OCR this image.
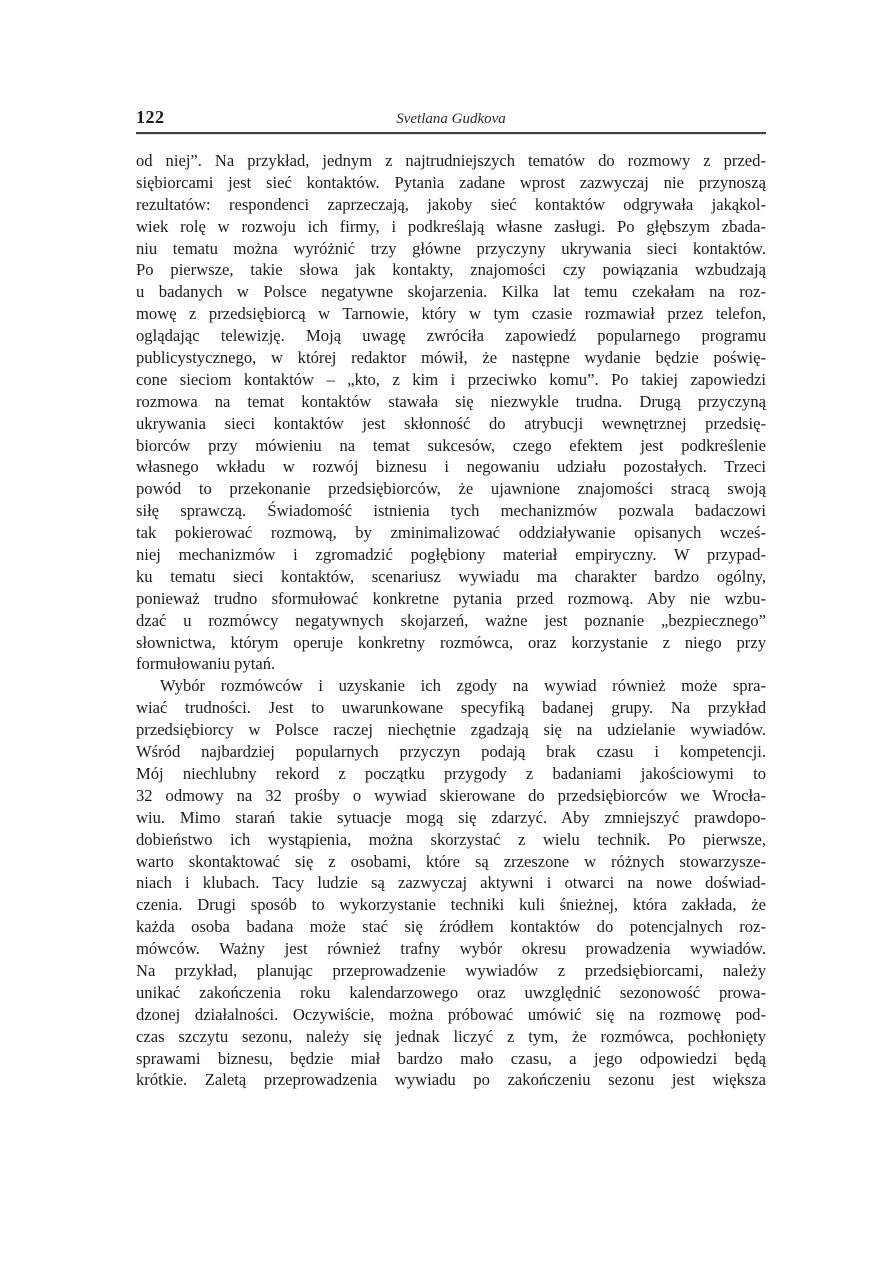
122	Svetlana Gudkova
od niej”. Na przykład, jednym z najtrudniejszych tematów do rozmowy z przed-
siębiorcami jest sieć kontaktów. Pytania zadane wprost zazwyczaj nie przynoszą
rezultatów: respondenci zaprzeczają, jakoby sieć kontaktów odgrywała jakąkol-
wiek rolę w rozwoju ich firmy, i podkreślają własne zasługi. Po głębszym zbada-
niu tematu można wyróżnić trzy główne przyczyny ukrywania sieci kontaktów.
Po pierwsze, takie słowa jak kontakty, znajomości czy powiązania wzbudzają
u badanych w Polsce negatywne skojarzenia. Kilka lat temu czekałam na roz-
mowę z przedsiębiorcą w Tarnowie, który w tym czasie rozmawiał przez telefon,
oglądając telewizję. Moją uwagę zwróciła zapowiedź popularnego programu
publicystycznego, w której redaktor mówił, że następne wydanie będzie poświę-
cone sieciom kontaktów – „kto, z kim i przeciwko komu”. Po takiej zapowiedzi
rozmowa na temat kontaktów stawała się niezwykle trudna. Drugą przyczyną
ukrywania sieci kontaktów jest skłonność do atrybucji wewnętrznej przedsię-
biorców przy mówieniu na temat sukcesów, czego efektem jest podkreślenie
własnego wkładu w rozwój biznesu i negowaniu udziału pozostałych. Trzeci
powód to przekonanie przedsiębiorców, że ujawnione znajomości stracą swoją
siłę sprawczą. Świadomość istnienia tych mechanizmów pozwala badaczowi
tak pokierować rozmową, by zminimalizować oddziaływanie opisanych wcześ-
niej mechanizmów i zgromadzić pogłębiony materiał empiryczny. W przypad-
ku tematu sieci kontaktów, scenariusz wywiadu ma charakter bardzo ogólny,
ponieważ trudno sformułować konkretne pytania przed rozmową. Aby nie wzbu-
dzać u rozmówcy negatywnych skojarzeń, ważne jest poznanie „bezpiecznego”
słownictwa, którym operuje konkretny rozmówca, oraz korzystanie z niego przy
formułowaniu pytań.
Wybór rozmówców i uzyskanie ich zgody na wywiad również może spra-
wiać trudności. Jest to uwarunkowane specyfiką badanej grupy. Na przykład
przedsiębiorcy w Polsce raczej niechętnie zgadzają się na udzielanie wywiadów.
Wśród najbardziej popularnych przyczyn podają brak czasu i kompetencji.
Mój niechlubny rekord z początku przygody z badaniami jakościowymi to
32 odmowy na 32 prośby o wywiad skierowane do przedsiębiorców we Wrocła-
wiu. Mimo starań takie sytuacje mogą się zdarzyć. Aby zmniejszyć prawdopo-
dobieństwo ich wystąpienia, można skorzystać z wielu technik. Po pierwsze,
warto skontaktować się z osobami, które są zrzeszone w różnych stowarzysze-
niach i klubach. Tacy ludzie są zazwyczaj aktywni i otwarci na nowe doświad-
czenia. Drugi sposób to wykorzystanie techniki kuli śnieżnej, która zakłada, że
każda osoba badana może stać się źródłem kontaktów do potencjalnych roz-
mówców. Ważny jest również trafny wybór okresu prowadzenia wywiadów.
Na przykład, planując przeprowadzenie wywiadów z przedsiębiorcami, należy
unikać zakończenia roku kalendarzowego oraz uwzględnić sezonowość prowa-
dzonej działalności. Oczywiście, można próbować umówić się na rozmowę pod-
czas szczytu sezonu, należy się jednak liczyć z tym, że rozmówca, pochłonięty
sprawami biznesu, będzie miał bardzo mało czasu, a jego odpowiedzi będą
krótkie. Zaletą przeprowadzenia wywiadu po zakończeniu sezonu jest większa
